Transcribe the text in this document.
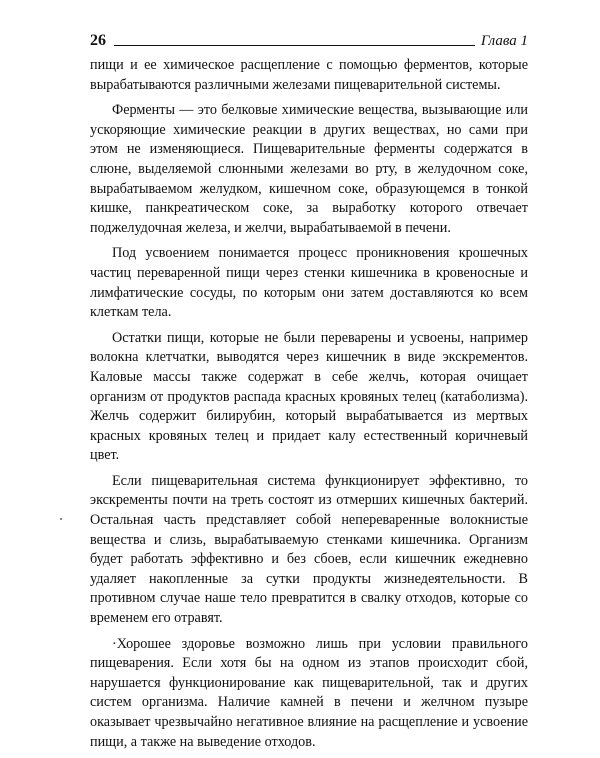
26	Глава 1

пищи и ее химическое расщепление с помощью ферментов, которые вырабатываются различными железами пищеварительной системы.

Ферменты — это белковые химические вещества, вызывающие или ускоряющие химические реакции в других веществах, но сами при этом не изменяющиеся. Пищеварительные ферменты содержатся в слюне, выделяемой слюнными железами во рту, в желудочном соке, вырабатываемом желудком, кишечном соке, образующемся в тонкой кишке, панкреатическом соке, за выработку которого отвечает поджелудочная железа, и желчи, вырабатываемой в печени.

Под усвоением понимается процесс проникновения крошечных частиц переваренной пищи через стенки кишечника в кровеносные и лимфатические сосуды, по которым они затем доставляются ко всем клеткам тела.

Остатки пищи, которые не были переварены и усвоены, например волокна клетчатки, выводятся через кишечник в виде экскрементов. Каловые массы также содержат в себе желчь, которая очищает организм от продуктов распада красных кровяных телец (катаболизма). Желчь содержит билирубин, который вырабатывается из мертвых красных кровяных телец и придает калу естественный коричневый цвет.

Если пищеварительная система функционирует эффективно, то экскременты почти на треть состоят из отмерших кишечных бактерий. Остальная часть представляет собой непереваренные волокнистые вещества и слизь, вырабатываемую стенками кишечника. Организм будет работать эффективно и без сбоев, если кишечник ежедневно удаляет накопленные за сутки продукты жизнедеятельности. В противном случае наше тело превратится в свалку отходов, которые со временем его отравят.

·Хорошее здоровье возможно лишь при условии правильного пищеварения. Если хотя бы на одном из этапов происходит сбой, нарушается функционирование как пищеварительной, так и других систем организма. Наличие камней в печени и желчном пузыре оказывает чрезвычайно негативное влияние на расщепление и усвоение пищи, а также на выведение отходов.
